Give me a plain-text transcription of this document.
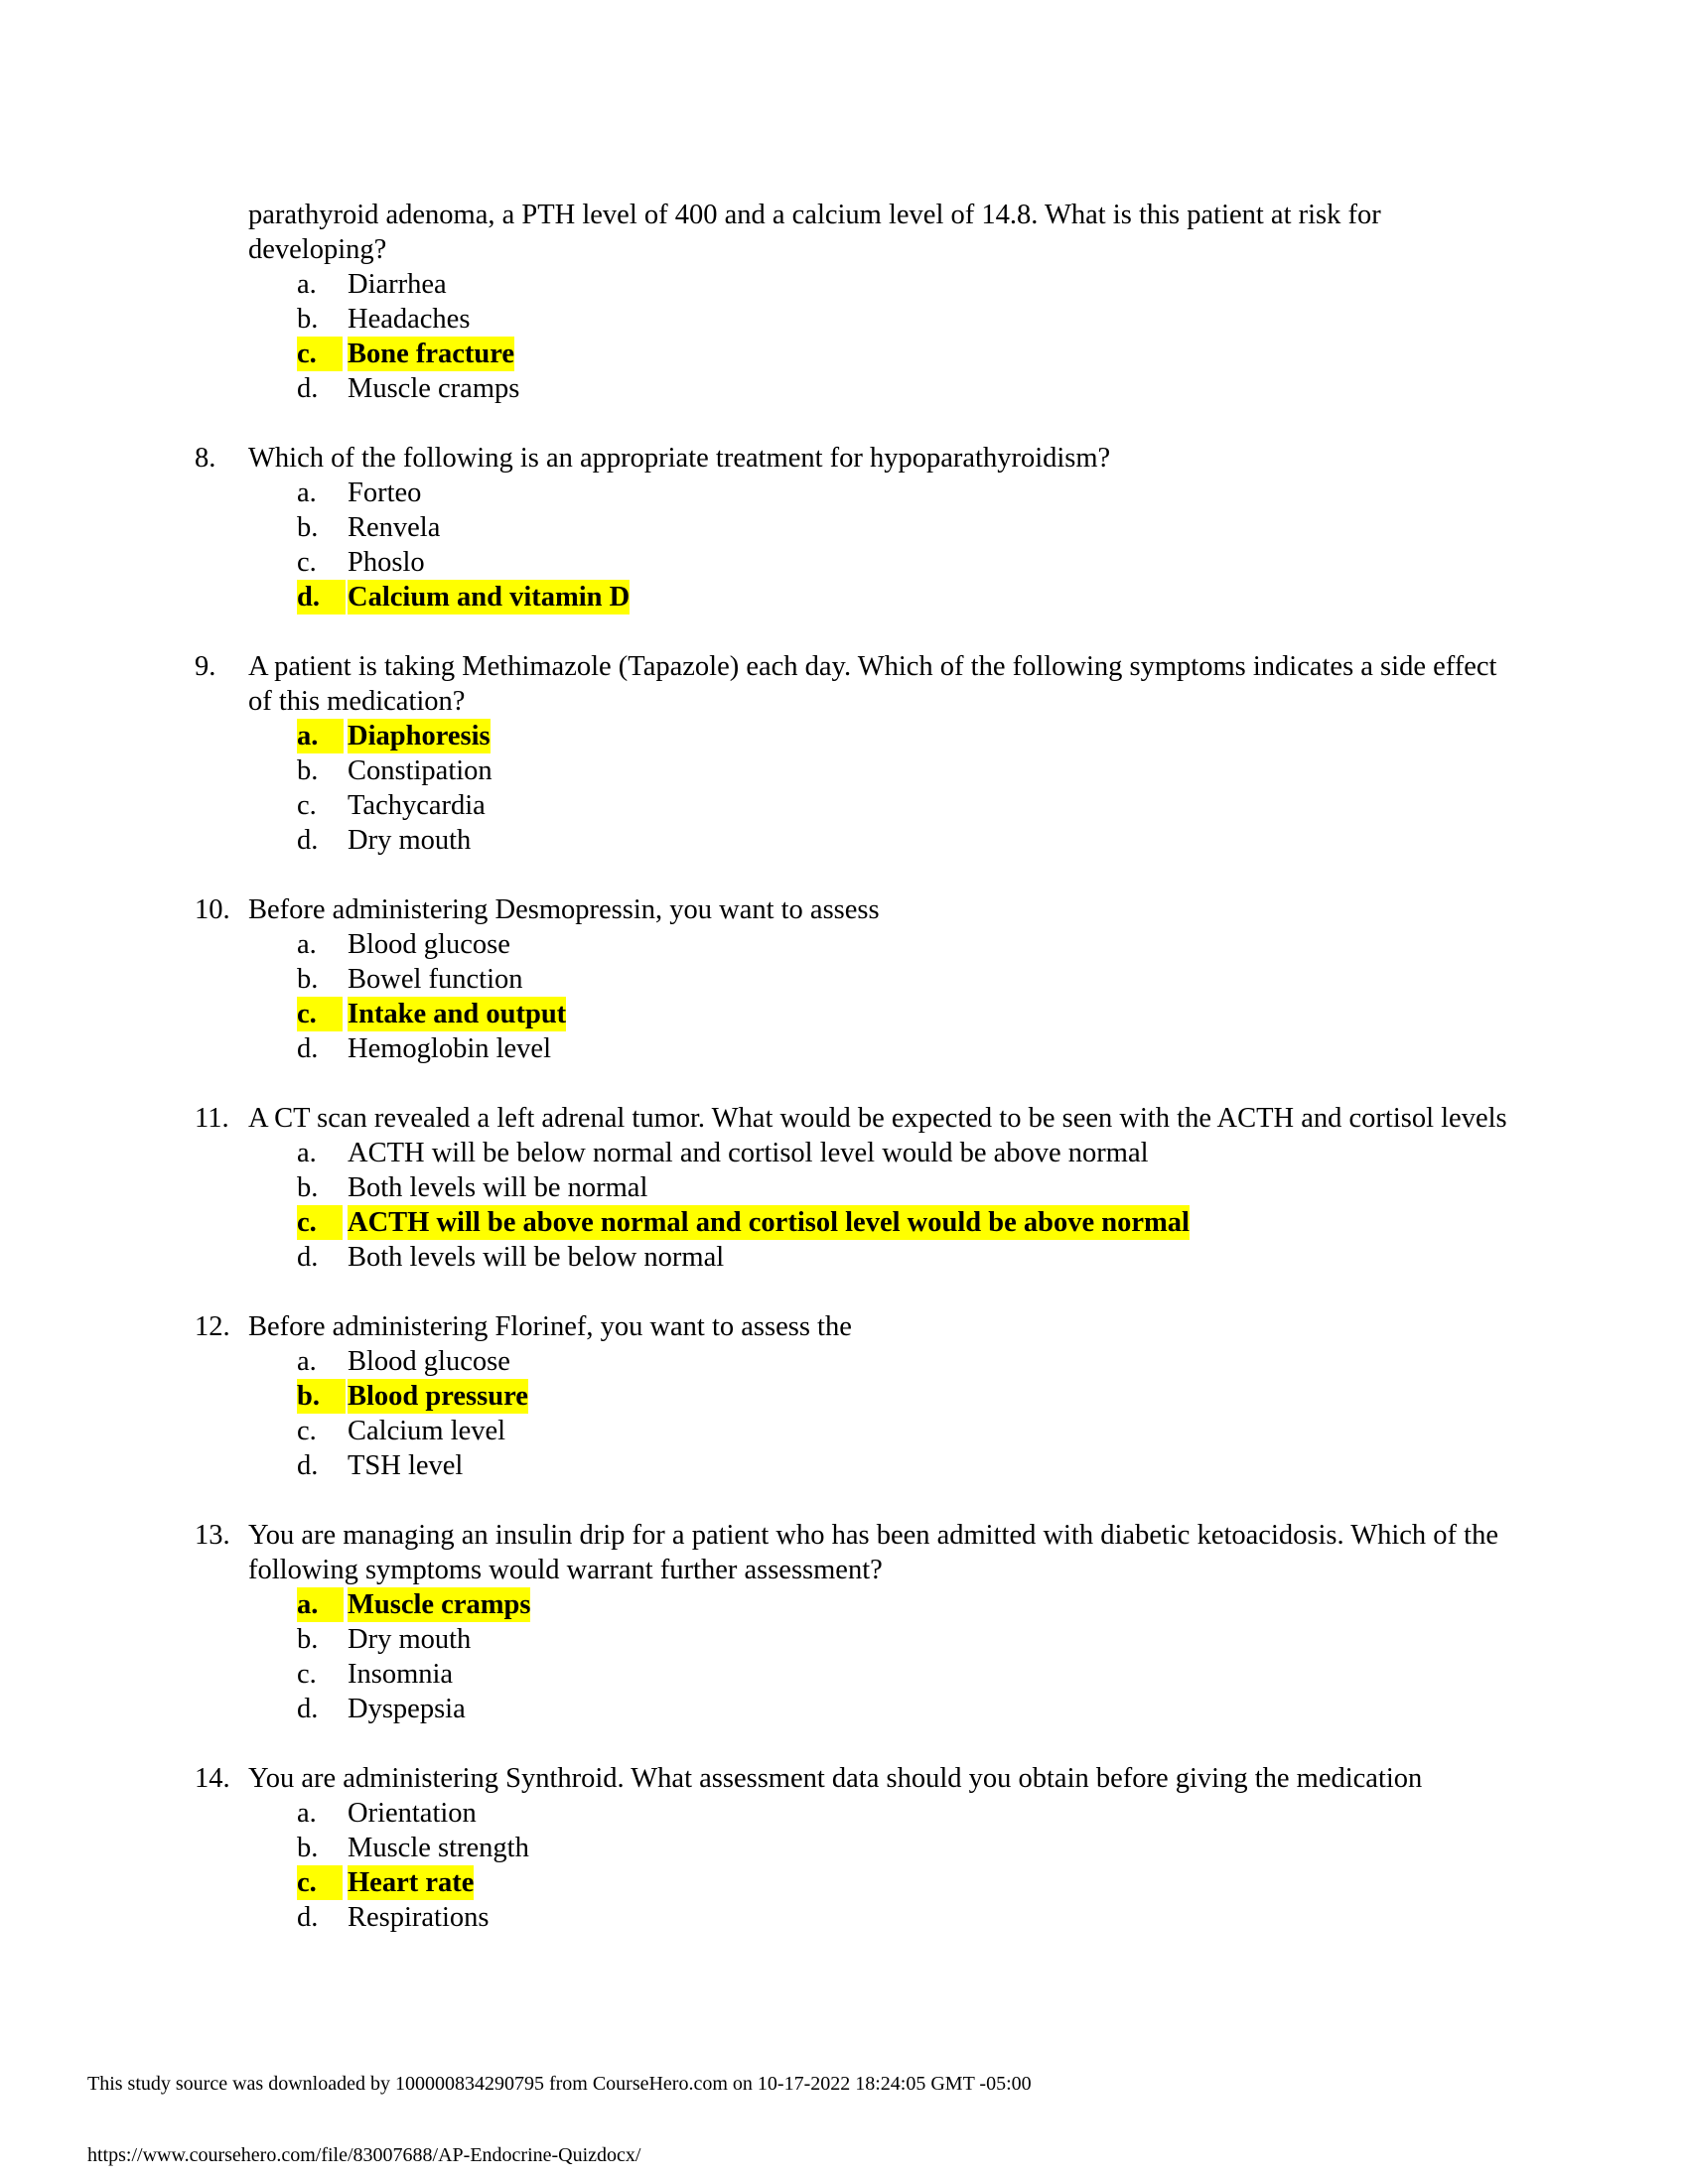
parathyroid adenoma, a PTH level of 400 and a calcium level of 14.8. What is this patient at risk for developing?
a. Diarrhea
b. Headaches
c.	Bone fracture
d. Muscle cramps
8. Which of the following is an appropriate treatment for hypoparathyroidism?
a. Forteo
b. Renvela
c. Phoslo
d. Calcium and vitamin D
9. A patient is taking Methimazole (Tapazole) each day. Which of the following symptoms indicates a side effect of this medication?
a.	Diaphoresis
b. Constipation
c. Tachycardia
d. Dry mouth
10. Before administering Desmopressin, you want to assess
a. Blood glucose
b. Bowel function
c.	Intake and output
d. Hemoglobin level
11. A CT scan revealed a left adrenal tumor. What would be expected to be seen with the ACTH and cortisol levels
a. ACTH will be below normal and cortisol level would be above normal
b. Both levels will be normal
c.	ACTH will be above normal and cortisol level would be above normal
d. Both levels will be below normal
12. Before administering Florinef, you want to assess the
a. Blood glucose
b. Blood pressure
c. Calcium level
d. TSH level
13. You are managing an insulin drip for a patient who has been admitted with diabetic ketoacidosis. Which of the following symptoms would warrant further assessment?
a.	Muscle cramps
b. Dry mouth
c. Insomnia
d. Dyspepsia
14. You are administering Synthroid. What assessment data should you obtain before giving the medication
a. Orientation
b. Muscle strength
c.	Heart rate
d. Respirations
This study source was downloaded by 100000834290795 from CourseHero.com on 10-17-2022 18:24:05 GMT -05:00
https://www.coursehero.com/file/83007688/AP-Endocrine-Quizdocx/
